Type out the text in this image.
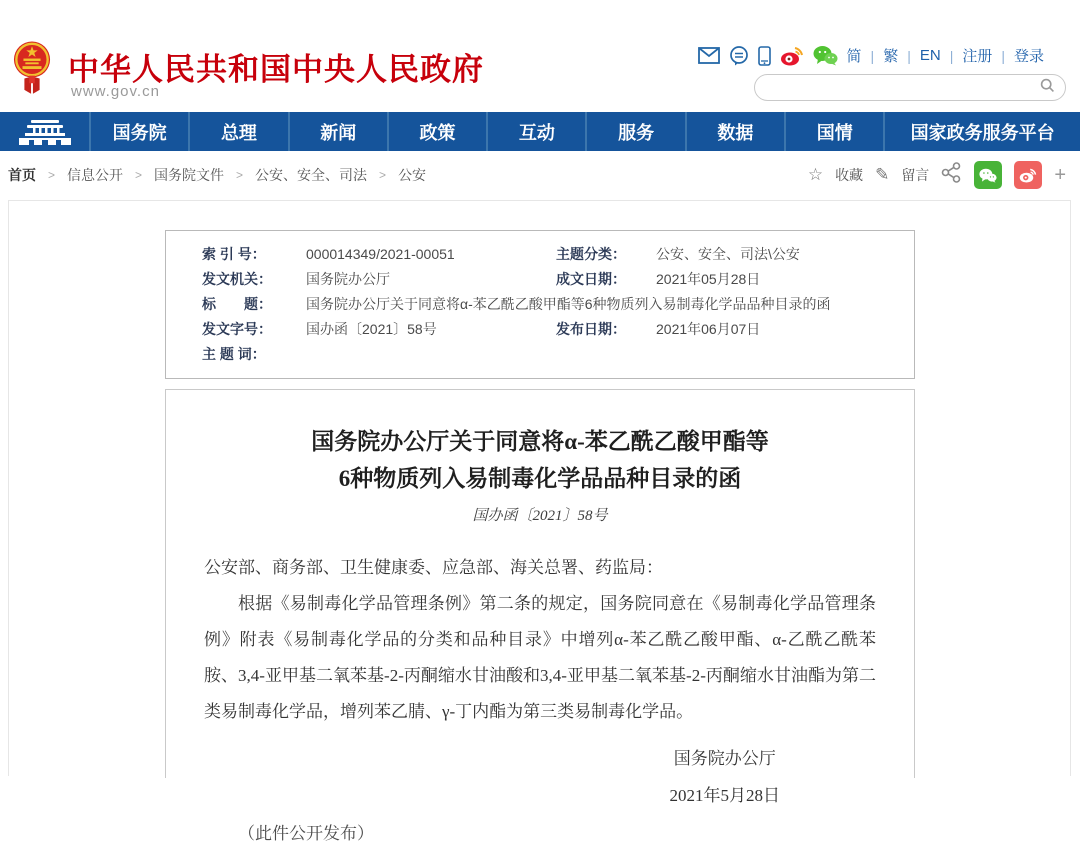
中华人民共和国中央人民政府
www.gov.cn
简 | 繁 | EN | 注册 | 登录
国务院	总理	新闻	政策	互动	服务	数据	国情	国家政务服务平台
首页 > 信息公开 > 国务院文件 > 公安、安全、司法 > 公安	☆ 收藏 ✎ 留言	+
索 引 号：	000014349/2021-00051	主题分类：	公安、安全、司法\公安
发文机关：	国务院办公厅	成文日期：	2021年05月28日
标　　题：	国务院办公厅关于同意将α-苯乙酰乙酸甲酯等6种物质列入易制毒化学品品种目录的函
发文字号：	国办函〔2021〕58号	发布日期：	2021年06月07日
主 题 词：
国务院办公厅关于同意将α-苯乙酰乙酸甲酯等
6种物质列入易制毒化学品品种目录的函
国办函〔2021〕58号
公安部、商务部、卫生健康委、应急部、海关总署、药监局：
根据《易制毒化学品管理条例》第二条的规定，国务院同意在《易制毒化学品管理条例》附表《易制毒化学品的分类和品种目录》中增列α-苯乙酰乙酸甲酯、α-乙酰乙酰苯胺、3,4-亚甲基二氧苯基-2-丙酮缩水甘油酸和3,4-亚甲基二氧苯基-2-丙酮缩水甘油酯为第二类易制毒化学品，增列苯乙腈、γ-丁内酯为第三类易制毒化学品。
国务院办公厅
2021年5月28日
（此件公开发布）
